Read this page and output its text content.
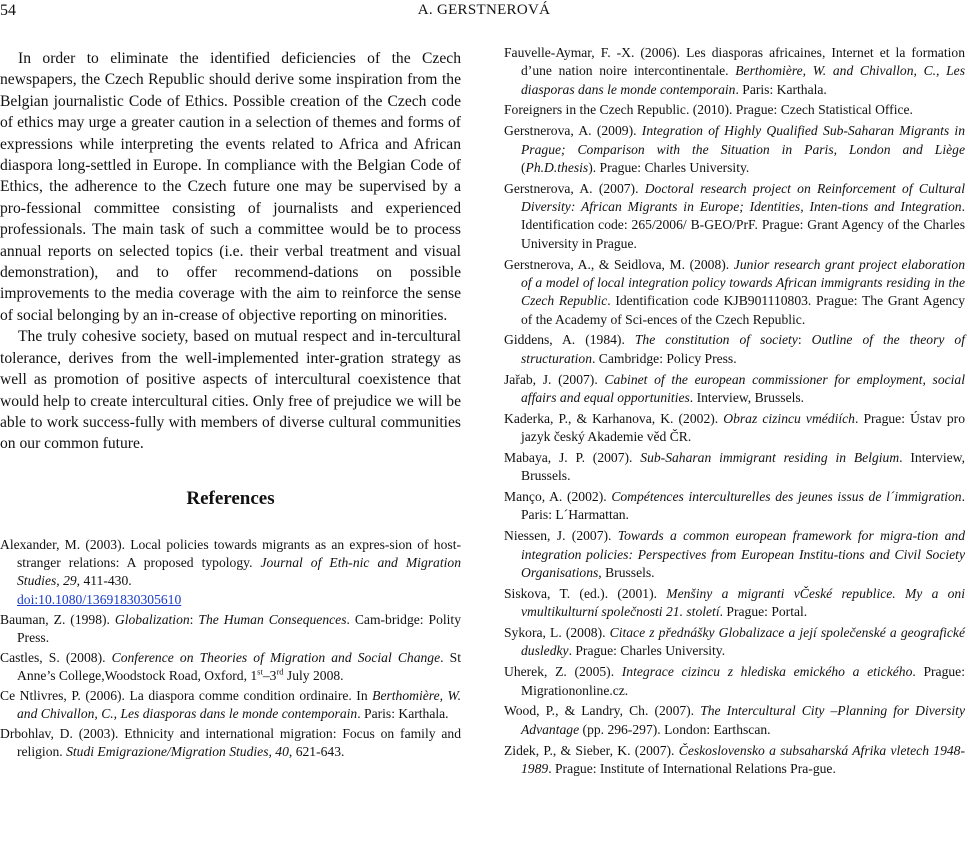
54	A. GERSTNEROVÁ

In order to eliminate the identified deficiencies of the Czech newspapers, the Czech Republic should derive some inspiration from the Belgian journalistic Code of Ethics. Possible creation of the Czech code of ethics may urge a greater caution in a selection of themes and forms of expressions while interpreting the events related to Africa and African diaspora long-settled in Europe. In compliance with the Belgian Code of Ethics, the adherence to the Czech future one may be supervised by a pro-fessional committee consisting of journalists and experienced professionals. The main task of such a committee would be to process annual reports on selected topics (i.e. their verbal treatment and visual demonstration), and to offer recommend-dations on possible improvements to the media coverage with the aim to reinforce the sense of social belonging by an in-crease of objective reporting on minorities.

The truly cohesive society, based on mutual respect and in-tercultural tolerance, derives from the well-implemented inter-gration strategy as well as promotion of positive aspects of intercultural coexistence that would help to create intercultural cities. Only free of prejudice we will be able to work success-fully with members of diverse cultural communities on our common future.

References
Alexander, M. (2003). Local policies towards migrants as an expres-sion of host-stranger relations: A proposed typology. Journal of Eth-nic and Migration Studies, 29, 411-430.
doi:10.1080/13691830305610
Bauman, Z. (1998). Globalization: The Human Consequences. Cam-bridge: Polity Press.
Castles, S. (2008). Conference on Theories of Migration and Social Change. St Anne’s College,Woodstock Road, Oxford, 1st–3rd July 2008.
Ce Ntlivres, P. (2006). La diaspora comme condition ordinaire. In Berthomière, W. and Chivallon, C., Les diasporas dans le monde contemporain. Paris: Karthala.
Drbohlav, D. (2003). Ethnicity and international migration: Focus on family and religion. Studi Emigrazione/Migration Studies, 40, 621-643.
Fauvelle-Aymar, F. -X. (2006). Les diasporas africaines, Internet et la formation d’une nation noire intercontinentale. Berthomière, W. and Chivallon, C., Les diasporas dans le monde contemporain. Paris: Karthala.
Foreigners in the Czech Republic. (2010). Prague: Czech Statistical Office.
Gerstnerova, A. (2009). Integration of Highly Qualified Sub-Saharan Migrants in Prague; Comparison with the Situation in Paris, London and Liège (Ph.D.thesis). Prague: Charles University.
Gerstnerova, A. (2007). Doctoral research project on Reinforcement of Cultural Diversity: African Migrants in Europe; Identities, Inten-tions and Integration. Identification code: 265/2006/ B-GEO/PrF. Prague: Grant Agency of the Charles University in Prague.
Gerstnerova, A., & Seidlova, M. (2008). Junior research grant project elaboration of a model of local integration policy towards African immigrants residing in the Czech Republic. Identification code KJB901110803. Prague: The Grant Agency of the Academy of Sci-ences of the Czech Republic.
Giddens, A. (1984). The constitution of society: Outline of the theory of structuration. Cambridge: Policy Press.
Jařab, J. (2007). Cabinet of the european commissioner for employment, social affairs and equal opportunities. Interview, Brussels.
Kaderka, P., & Karhanova, K. (2002). Obraz cizincu vmédiích. Prague: Ústav pro jazyk český Akademie věd ČR.
Mabaya, J. P. (2007). Sub-Saharan immigrant residing in Belgium. Interview, Brussels.
Manço, A. (2002). Compétences interculturelles des jeunes issus de l´immigration. Paris: L´Harmattan.
Niessen, J. (2007). Towards a common european framework for migra-tion and integration policies: Perspectives from European Institu-tions and Civil Society Organisations, Brussels.
Siskova, T. (ed.). (2001). Menšiny a migranti vČeské republice. My a oni vmultikulturní společnosti 21. století. Prague: Portal.
Sykora, L. (2008). Citace z přednášky Globalizace a její společenské a geografické dusledky. Prague: Charles University.
Uherek, Z. (2005). Integrace cizincu z hlediska emického a etického. Prague: Migrationonline.cz.
Wood, P., & Landry, Ch. (2007). The Intercultural City –Planning for Diversity Advantage (pp. 296-297). London: Earthscan.
Zidek, P., & Sieber, K. (2007). Československo a subsaharská Afrika vletech 1948-1989. Prague: Institute of International Relations Pra-gue.
